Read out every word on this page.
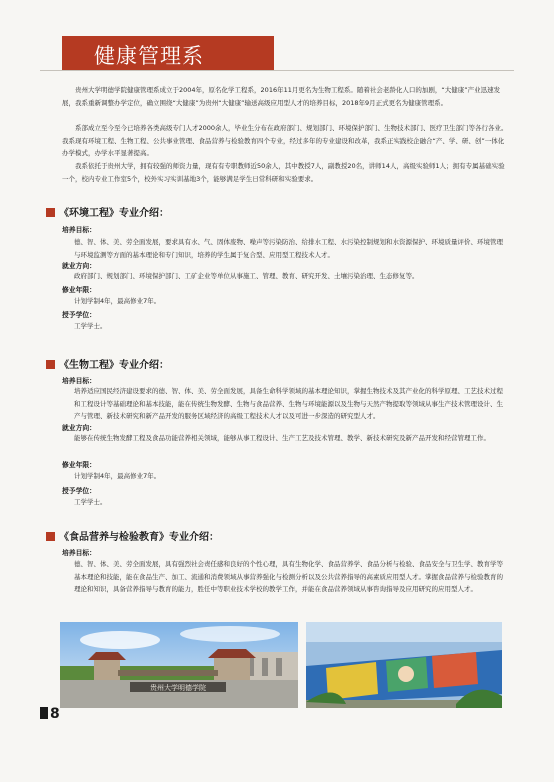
健康管理系
贵州大学明德学院健康管理系成立于2004年，原名化学工程系，2016年11月更名为生物工程系。随着社会老龄化人口的加剧，“大健康”产业迅速发展，我系重新调整办学定位，确立围绕“大健康”为贵州“大健康”输送高级应用型人才的培养目标，2018年9月正式更名为健康管理系。
系部成立至今至今已培养各类高级专门人才2000余人，毕业生分布在政府部门、规划部门、环境保护部门、生物技术部门、医疗卫生部门等各行各业。我系现有环境工程、生物工程、公共事业管理、食品营养与检验教育四个专业，经过多年的专业建设和改革，我系正实践校企融合“产、学、研、创”一体化办学模式，办学水平显著提高。
我系依托于贵州大学，拥有较强的师资力量，现有有专职教师近50余人，其中教授7人，副教授20名，讲师14人，高级实验师1人；拥有专属基础实验一个，校内专业工作室5个，校外实习实训基地3个，能够满足学生日常科研和实验要求。
《环境工程》专业介绍：
培养目标：
德、智、体、美、劳全面发展，要求具有水、气、固体废物、噪声等污染防治、给排水工程、水污染控制规划和水资源保护、环境质量评价、环境管理与环境监测等方面的基本理论和专门知识，培养的学生属于复合型、应用型工程技术人才。
就业方向：
政府部门、规划部门、环境保护部门、工矿企业等单位从事施工、管理、教育、研究开发、土壤污染治理、生态修复等。
修业年限：
计划学制4年，最高修业7年。
授予学位：
工学学士。
《生物工程》专业介绍：
培养目标：
培养适应国民经济建设要求的德、智、体、美、劳全面发展，具备生命科学领域的基本理论知识，掌握生物技术及其产业化的科学原理、工艺技术过程和工程设计等基础理论和基本技能，能在传统生物发酵、生物与食品营养、生物与环境能源以及生物与天然产物提取等领域从事生产技术管理设计、生产与管理、新技术研究和新产品开发的服务区域经济的高级工程技术人才以及可进一步深造的研究型人才。
就业方向：
能够在传统生物发酵工程及食品功能营养相关领域，能够从事工程设计、生产工艺及技术管理、教学、新技术研究及新产品开发和经营管理工作。
修业年限：
计划学制4年，最高修业7年。
授予学位：
工学学士。
《食品营养与检验教育》专业介绍：
培养目标：
德、智、体、美、劳全面发展，具有强烈社会责任感和良好的个性心理，具有生物化学、食品营养学、食品分析与检验、食品安全与卫生学、教育学等基本理论和技能，能在食品生产、加工、流通和消费领域从事营养强化与检测分析以及公共营养指导的高素质应用型人才。掌握食品营养与检验教育的理论和知识，具备营养指导与教育的能力，胜任中等职业技术学校的教学工作，并能在食品营养领域从事咨询指导及应用研究的应用型人才。
贵州大学明德学院
8
